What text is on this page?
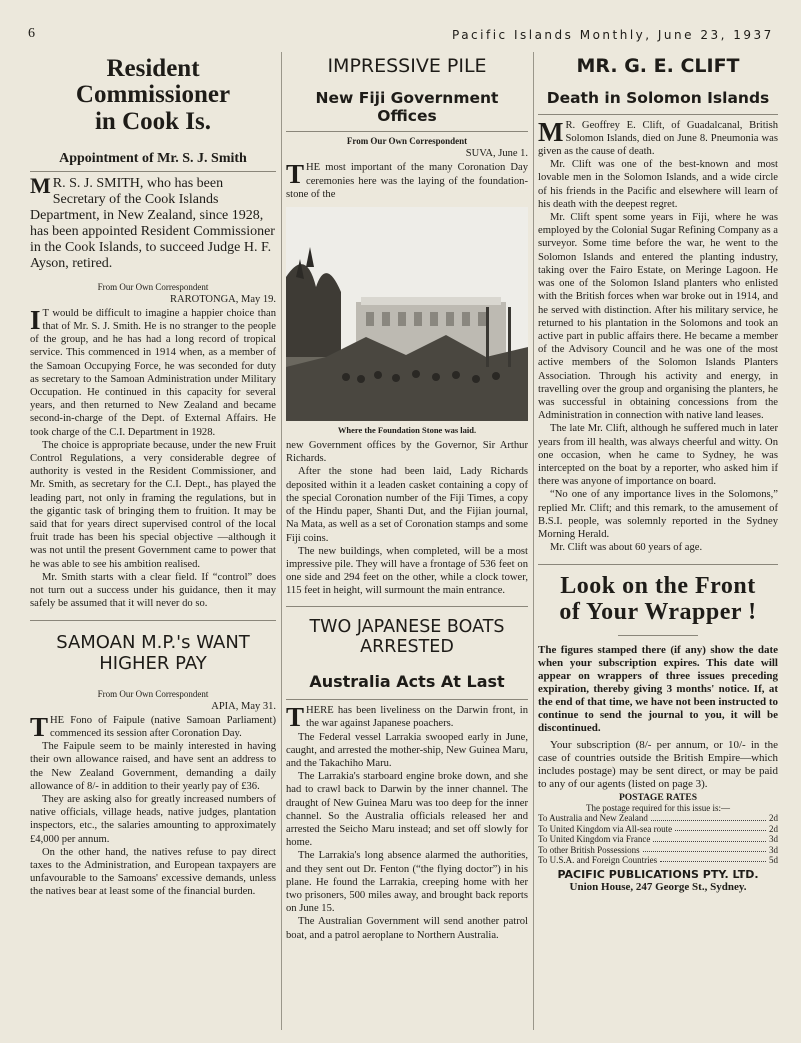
6	Pacific Islands Monthly, June 23, 1937
Resident Commissioner
in Cook Is.
Appointment of Mr. S. J. Smith

M R. S. J. SMITH, who has been Secretary of the Cook Islands Department, in New Zealand, since 1928, has been appointed Resident Commissioner in the Cook Islands, to succeed Judge H. F. Ayson, retired.

From Our Own Correspondent
RAROTONGA, May 19.

I T would be difficult to imagine a happier choice than that of Mr. S. J. Smith. He is no stranger to the people of the group, and he has had a long record of tropical service. This commenced in 1914 when, as a member of the Samoan Occupying Force, he was seconded for duty as secretary to the Samoan Administration under Military Occupation. He continued in this capacity for several years, and then returned to New Zealand and became second-in-charge of the Dept. of External Affairs. He took charge of the C.I. Department in 1928.

The choice is appropriate because, under the new Fruit Control Regulations, a very considerable degree of authority is vested in the Resident Commissioner, and Mr. Smith, as secretary for the C.I. Dept., has played the leading part, not only in framing the regulations, but in the gigantic task of bringing them to fruition. It may be said that for years direct supervised control of the local fruit trade has been his special objective —although it was not until the present Government came to power that he was able to see his ambition realised.

Mr. Smith starts with a clear field. If “control” does not turn out a success under his guidance, then it may safely be assumed that it will never do so.

SAMOAN M.P.'s WANT
HIGHER PAY
From Our Own Correspondent
APIA, May 31.

THE Fono of Faipule (native Samoan Parliament) commenced its session after Coronation Day.

The Faipule seem to be mainly interested in having their own allowance raised, and have sent an address to the New Zealand Government, demanding a daily allowance of 8/- in addition to their yearly pay of £36.

They are asking also for greatly increased numbers of native officials, village heads, native judges, plantation inspectors, etc., the salaries amounting to approximately £4,000 per annum.

On the other hand, the natives refuse to pay direct taxes to the Administration, and European taxpayers are unfavourable to the Samoans' excessive demands, unless the natives bear at least some of the financial burden.

IMPRESSIVE PILE
New Fiji Government Offices
From Our Own Correspondent
SUVA, June 1.

THE most important of the many Coronation Day ceremonies here was the laying of the foundation-stone of the

Where the Foundation Stone was laid.

new Government offices by the Governor, Sir Arthur Richards.

After the stone had been laid, Lady Richards deposited within it a leaden casket containing a copy of the special Coronation number of the Fiji Times, a copy of the Hindu paper, Shanti Dut, and the Fijian journal, Na Mata, as well as a set of Coronation stamps and some Fiji coins.

The new buildings, when completed, will be a most impressive pile. They will have a frontage of 536 feet on one side and 294 feet on the other, while a clock tower, 115 feet in height, will surmount the main entrance.

TWO JAPANESE BOATS
ARRESTED
Australia Acts At Last

THERE has been liveliness on the Darwin front, in the war against Japanese poachers.

The Federal vessel Larrakia swooped early in June, caught, and arrested the mother-ship, New Guinea Maru, and the Takachiho Maru.

The Larrakia's starboard engine broke down, and she had to crawl back to Darwin by the inner channel. The draught of New Guinea Maru was too deep for the inner channel. So the Australia officials released her and arrested the Seicho Maru instead; and set off slowly for home.

The Larrakia's long absence alarmed the authorities, and they sent out Dr. Fenton (“the flying doctor”) in his plane. He found the Larrakia, creeping home with her two prisoners, 500 miles away, and brought back reports on June 15.

The Australian Government will send another patrol boat, and a patrol aeroplane to Northern Australia.

MR. G. E. CLIFT
Death in Solomon Islands

M R. Geoffrey E. Clift, of Guadalcanal, British Solomon Islands, died on June 8. Pneumonia was given as the cause of death.

Mr. Clift was one of the best-known and most lovable men in the Solomon Islands, and a wide circle of his friends in the Pacific and elsewhere will learn of his death with the deepest regret.

Mr. Clift spent some years in Fiji, where he was employed by the Colonial Sugar Refining Company as a surveyor. Some time before the war, he went to the Solomon Islands and entered the planting industry, taking over the Fairo Estate, on Meringe Lagoon. He was one of the Solomon Island planters who enlisted with the British forces when war broke out in 1914, and he served with distinction. After his military service, he returned to his plantation in the Solomons and took an active part in public affairs there. He became a member of the Advisory Council and he was one of the most active members of the Solomon Islands Planters Association. Through his activity and energy, in travelling over the group and organising the planters, he was successful in obtaining concessions from the Administration in connection with native land leases.

The late Mr. Clift, although he suffered much in later years from ill health, was always cheerful and witty. On one occasion, when he came to Sydney, he was intercepted on the boat by a reporter, who asked him if there was anyone of importance on board.

“No one of any importance lives in the Solomons,” replied Mr. Clift; and this remark, to the amusement of B.S.I. people, was solemnly reported in the Sydney Morning Herald.

Mr. Clift was about 60 years of age.

Look on the Front
of Your Wrapper !

The figures stamped there (if any) show the date when your subscription expires. This date will appear on wrappers of three issues preceding expiration, thereby giving 3 months' notice. If, at the end of that time, we have not been instructed to continue to send the journal to you, it will be discontinued.

Your subscription (8/- per annum, or 10/- in the case of countries outside the British Empire—which includes postage) may be sent direct, or may be paid to any of our agents (listed on page 3).

POSTAGE RATES
The postage required for this issue is:—
To Australia and New Zealand	2d
To United Kingdom via All-sea route	2d
To United Kingdom via France	3d
To other British Possessions	3d
To U.S.A. and Foreign Countries	5d
PACIFIC PUBLICATIONS PTY. LTD.
Union House, 247 George St., Sydney.
